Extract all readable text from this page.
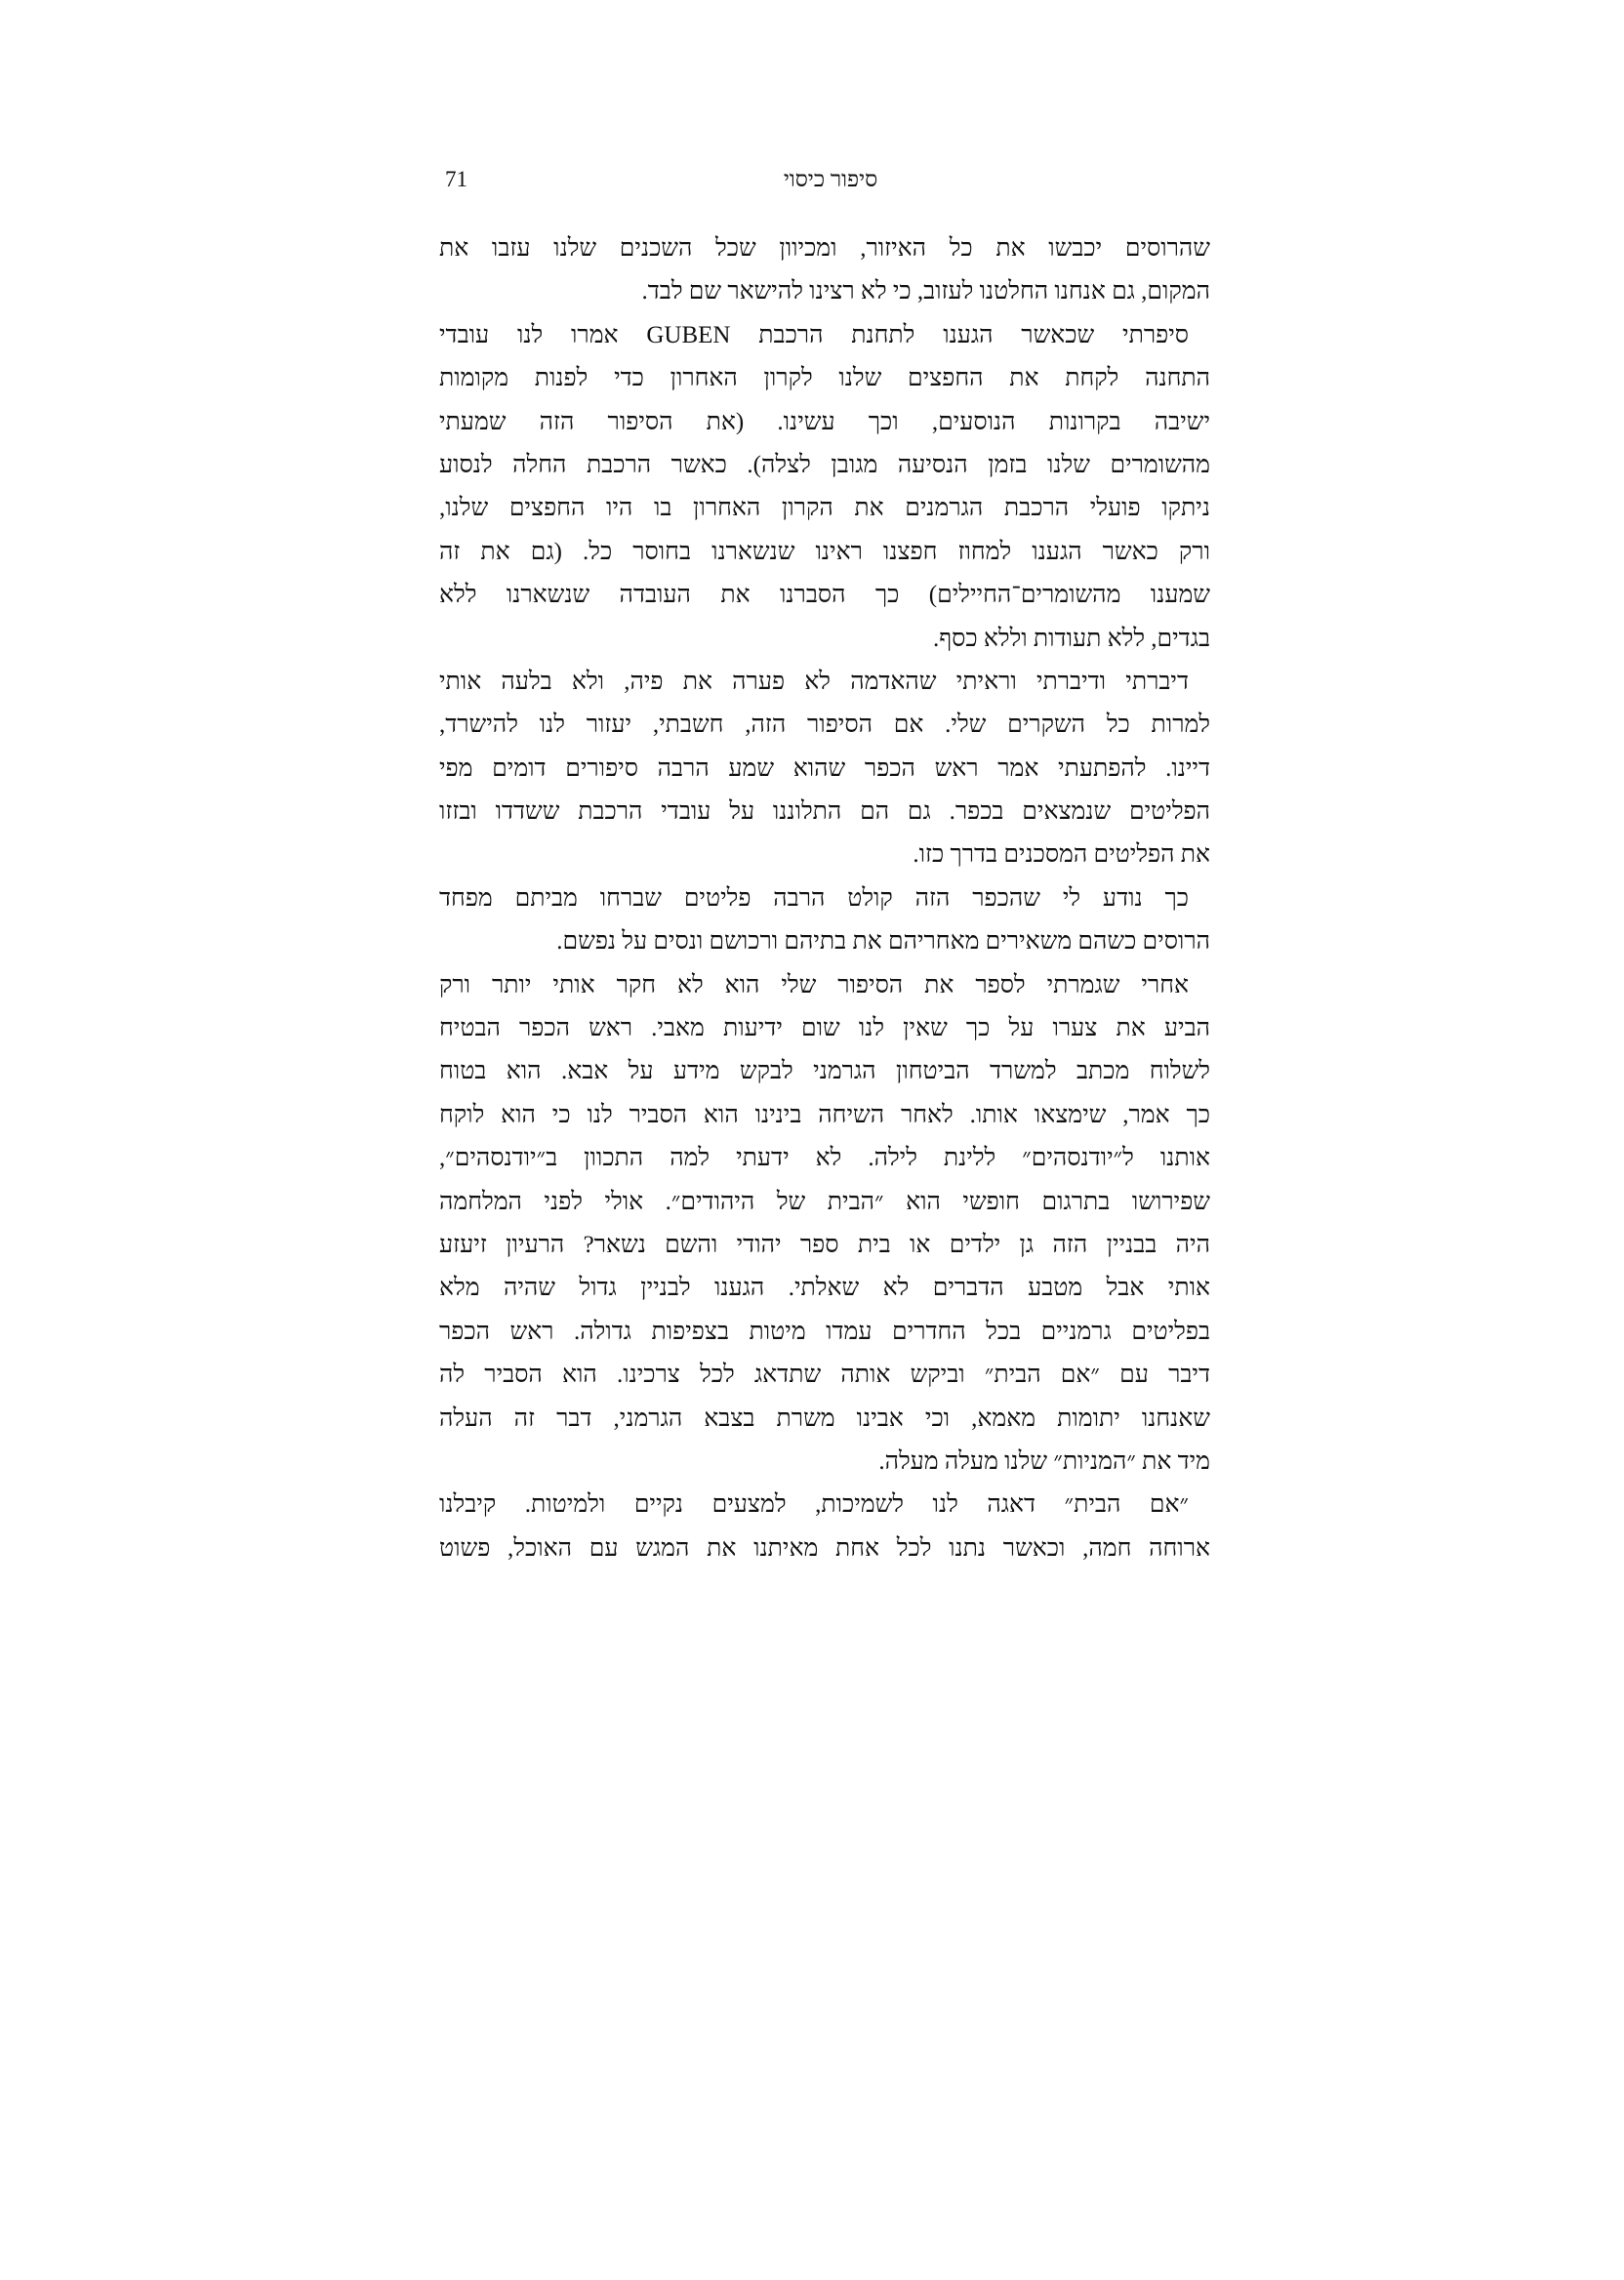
71	סיפור כיסוי
שהרוסים יכבשו את כל האיזור, ומכיוון שכל השכנים שלנו עזבו את
המקום, גם אנחנו החלטנו לעזוב, כי לא רצינו להישאר שם לבד.
סיפרתי שכאשר הגענו לתחנת הרכבת GUBEN אמרו לנו עובדי
התחנה לקחת את החפצים שלנו לקרון האחרון כדי לפנות מקומות
ישיבה בקרונות הנוסעים, וכך עשינו. (את הסיפור הזה שמעתי
מהשומרים שלנו בזמן הנסיעה מגובן לצלה). כאשר הרכבת החלה לנסוע
ניתקו פועלי הרכבת הגרמנים את הקרון האחרון בו היו החפצים שלנו,
ורק כאשר הגענו למחוז חפצנו ראינו שנשארנו בחוסר כל. (גם את זה
שמענו מהשומרים־החיילים) כך הסברנו את העובדה שנשארנו ללא
בגדים, ללא תעודות וללא כסף.
דיברתי ודיברתי וראיתי שהאדמה לא פערה את פיה, ולא בלעה אותי
למרות כל השקרים שלי. אם הסיפור הזה, חשבתי, יעזור לנו להישרד,
דיינו. להפתעתי אמר ראש הכפר שהוא שמע הרבה סיפורים דומים מפי
הפליטים שנמצאים בכפר. גם הם התלוננו על עובדי הרכבת ששדדו ובזזו
את הפליטים המסכנים בדרך כזו.
כך נודע לי שהכפר הזה קולט הרבה פליטים שברחו מביתם מפחד
הרוסים כשהם משאירים מאחריהם את בתיהם ורכושם ונסים על נפשם.
אחרי שגמרתי לספר את הסיפור שלי הוא לא חקר אותי יותר ורק
הביע את צערו על כך שאין לנו שום ידיעות מאבי. ראש הכפר הבטיח
לשלוח מכתב למשרד הביטחון הגרמני לבקש מידע על אבא. הוא בטוח
כך אמר, שימצאו אותו. לאחר השיחה בינינו הוא הסביר לנו כי הוא לוקח
אותנו ל״יודנסהים״ ללינת לילה. לא ידעתי למה התכוון ב״יודנסהים״,
שפירושו בתרגום חופשי הוא ״הבית של היהודים״. אולי לפני המלחמה
היה בבניין הזה גן ילדים או בית ספר יהודי והשם נשאר? הרעיון זיעזע
אותי אבל מטבע הדברים לא שאלתי. הגענו לבניין גדול שהיה מלא
בפליטים גרמניים בכל החדרים עמדו מיטות בצפיפות גדולה. ראש הכפר
דיבר עם ״אם הבית״ וביקש אותה שתדאג לכל צרכינו. הוא הסביר לה
שאנחנו יתומות מאמא, וכי אבינו משרת בצבא הגרמני, דבר זה העלה
מיד את ״המניות״ שלנו מעלה מעלה.
״אם הבית״ דאגה לנו לשמיכות, למצעים נקיים ולמיטות. קיבלנו
ארוחה חמה, וכאשר נתנו לכל אחת מאיתנו את המגש עם האוכל, פשוט
